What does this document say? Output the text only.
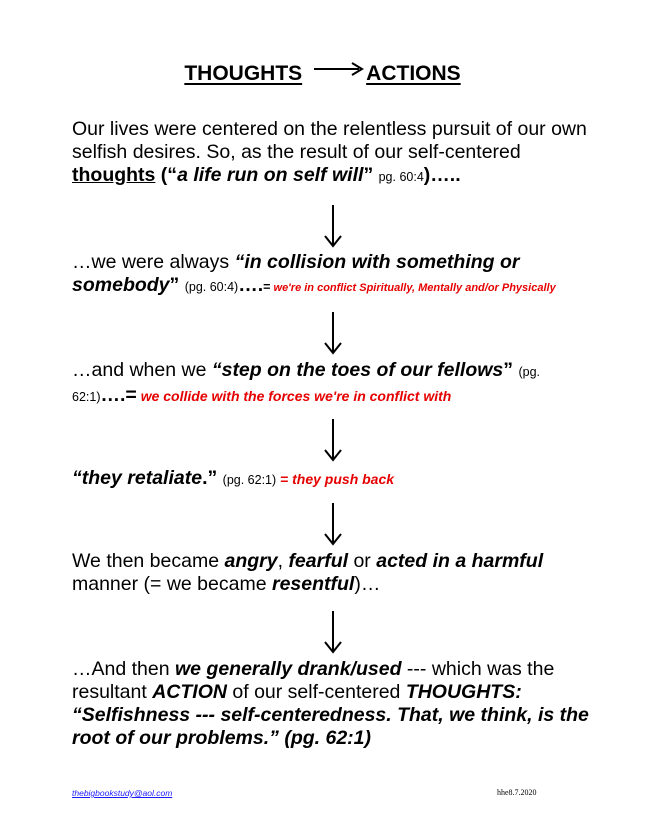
THOUGHTS	ACTIONS
Our lives were centered on the relentless pursuit of our own selfish desires. So, as the result of our self-centered thoughts (“a life run on self will” pg. 60:4)…..
…we were always “in collision with something or somebody” (pg. 60:4)….= we're in conflict Spiritually, Mentally and/or Physically
…and when we “step on the toes of our fellows” (pg. 62:1)….= we collide with the forces we're in conflict with
“they retaliate.” (pg. 62:1) = they push back
We then became angry, fearful or acted in a harmful manner (= we became resentful)…
…And then we generally drank/used --- which was the resultant ACTION of our self-centered THOUGHTS: “Selfishness --- self-centeredness. That, we think, is the root of our problems.” (pg. 62:1)
thebigbookstudy@aol.com	hhe8.7.2020
